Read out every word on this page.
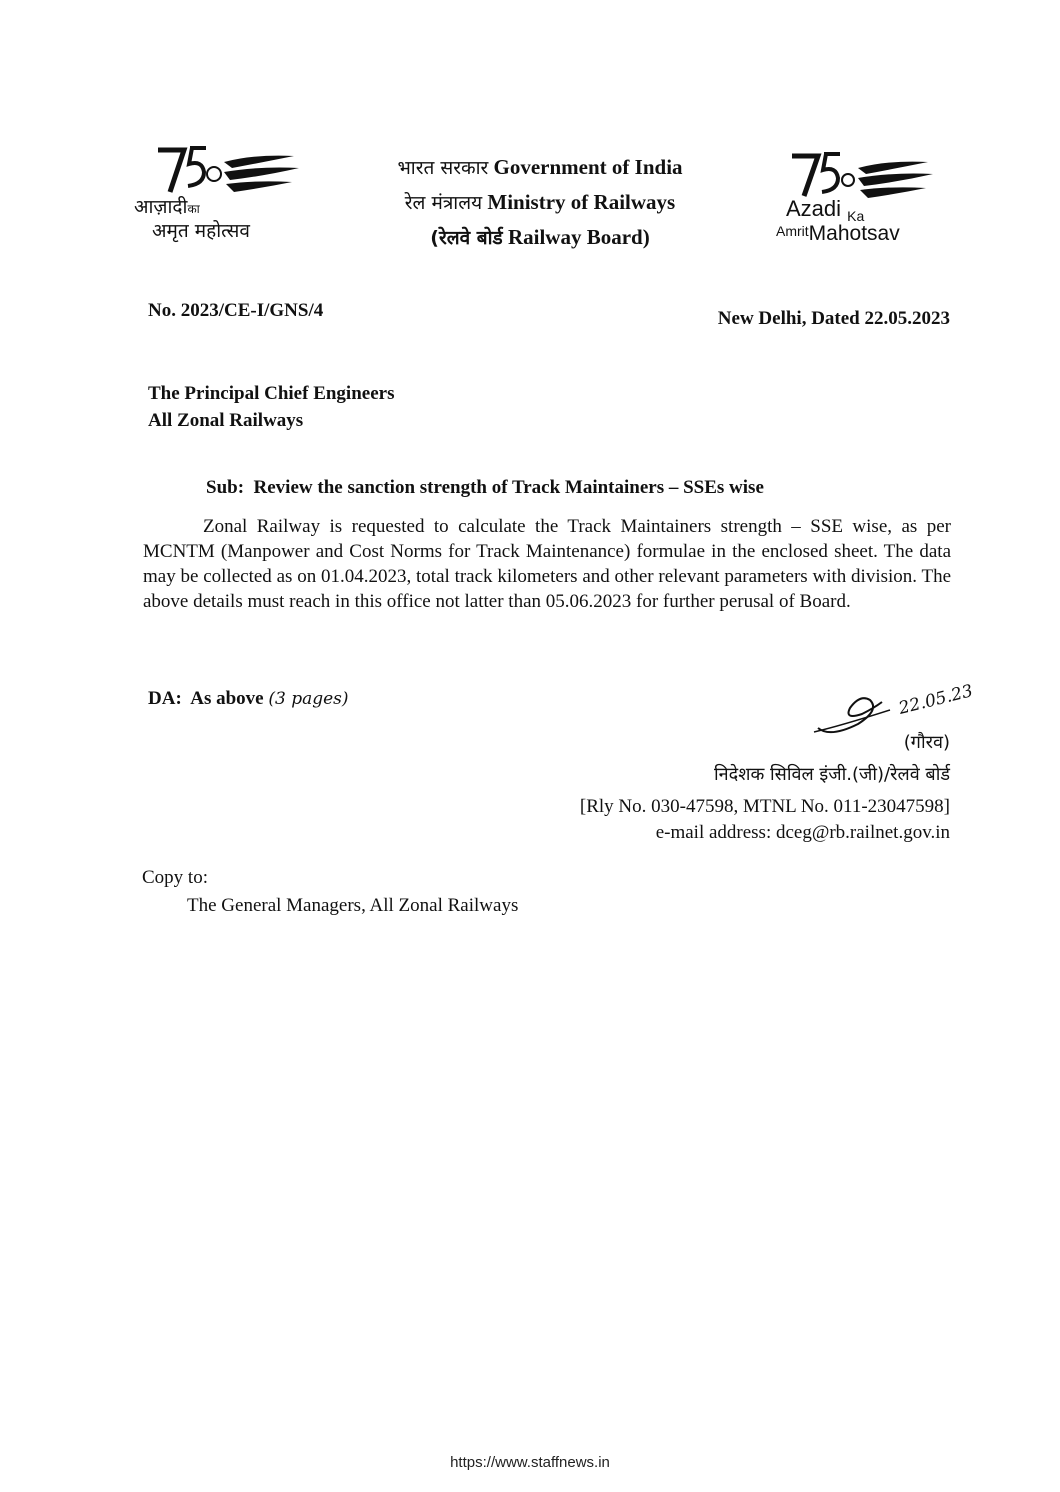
आज़ादीका
अमृत महोत्सव
भारत सरकार Government of India
रेल मंत्रालय Ministry of Railways
(रेलवे बोर्ड Railway Board)
Azadi $_{Ka}$
AmritMahotsav
No. 2023/CE-I/GNS/4	New Delhi, Dated 22.05.2023
The Principal Chief Engineers
All Zonal Railways
Sub: Review the sanction strength of Track Maintainers – SSEs wise
Zonal Railway is requested to calculate the Track Maintainers strength – SSE wise, as per MCNTM (Manpower and Cost Norms for Track Maintenance) formulae in the enclosed sheet. The data may be collected as on 01.04.2023, total track kilometers and other relevant parameters with division. The above details must reach in this office not latter than 05.06.2023 for further perusal of Board.
DA: As above (3 pages)	22.05.23
(गौरव)
निदेशक सिविल इंजी.(जी)/रेलवे बोर्ड
[Rly No. 030-47598, MTNL No. 011-23047598]
e-mail address: dceg@rb.railnet.gov.in
Copy to:
The General Managers, All Zonal Railways
https://www.staffnews.in
